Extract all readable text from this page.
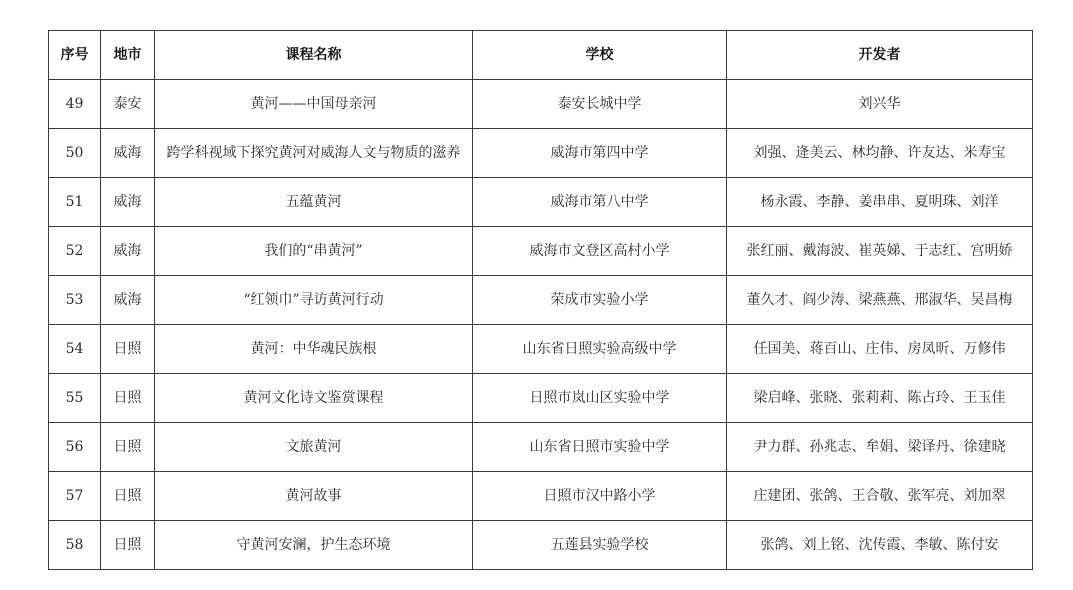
序号	地市	课程名称	学校	开发者
49	泰安	黄河——中国母亲河	泰安长城中学	刘兴华
50	威海	跨学科视域下探究黄河对威海人文与物质的滋养	威海市第四中学	刘强、逄美云、林均静、许友达、米寿宝
51	威海	五蕴黄河	威海市第八中学	杨永霞、李静、姜串串、夏明珠、刘洋
52	威海	我们的“串黄河”	威海市文登区高村小学	张红丽、戴海波、崔英娣、于志红、宫明娇
53	威海	“红领巾”寻访黄河行动	荣成市实验小学	董久才、阎少涛、梁燕燕、邢淑华、吴昌梅
54	日照	黄河：中华魂民族根	山东省日照实验高级中学	任国美、蒋百山、庄伟、房凤昕、万修伟
55	日照	黄河文化诗文鉴赏课程	日照市岚山区实验中学	梁启峰、张晓、张莉莉、陈占玲、王玉佳
56	日照	文旅黄河	山东省日照市实验中学	尹力群、孙兆志、牟娟、梁译丹、徐建晓
57	日照	黄河故事	日照市汉中路小学	庄建团、张鸽、王合敬、张军亮、刘加翠
58	日照	守黄河安澜，护生态环境	五莲县实验学校	张鸽、刘上铭、沈传霞、李敏、陈付安
